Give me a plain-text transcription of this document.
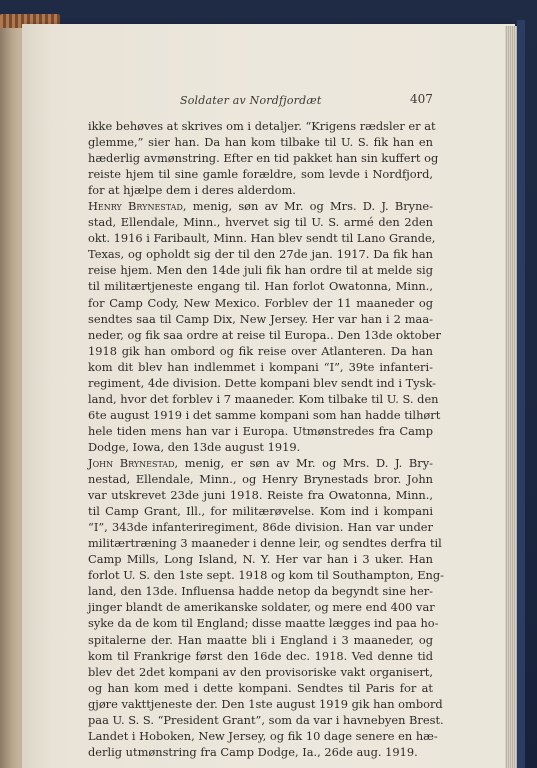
Soldater av Nordfjordæt	407
ikke behøves at skrives om i detaljer. “Krigens rædsler er at
glemme,” sier han. Da han kom tilbake til U. S. fik han en
hæderlig avmønstring. Efter en tid pakket han sin kuffert og
reiste hjem til sine gamle forældre, som levde i Nordfjord,
for at hjælpe dem i deres alderdom.
Henry Brynestad, menig, søn av Mr. og Mrs. D. J. Bryne-
stad, Ellendale, Minn., hvervet sig til U. S. armé den 2den
okt. 1916 i Faribault, Minn. Han blev sendt til Lano Grande,
Texas, og opholdt sig der til den 27de jan. 1917. Da fik han
reise hjem. Men den 14de juli fik han ordre til at melde sig
til militærtjeneste engang til. Han forlot Owatonna, Minn.,
for Camp Cody, New Mexico. Forblev der 11 maaneder og
sendtes saa til Camp Dix, New Jersey. Her var han i 2 maa-
neder, og fik saa ordre at reise til Europa.. Den 13de oktober
1918 gik han ombord og fik reise over Atlanteren. Da han
kom dit blev han indlemmet i kompani “I”, 39te infanteri-
regiment, 4de division. Dette kompani blev sendt ind i Tysk-
land, hvor det forblev i 7 maaneder. Kom tilbake til U. S. den
6te august 1919 i det samme kompani som han hadde tilhørt
hele tiden mens han var i Europa. Utmønstredes fra Camp
Dodge, Iowa, den 13de august 1919.
John Brynestad, menig, er søn av Mr. og Mrs. D. J. Bry-
nestad, Ellendale, Minn., og Henry Brynestads bror. John
var utskrevet 23de juni 1918. Reiste fra Owatonna, Minn.,
til Camp Grant, Ill., for militærøvelse. Kom ind i kompani
“I”, 343de infanteriregiment, 86de division. Han var under
militærtræning 3 maaneder i denne leir, og sendtes derfra til
Camp Mills, Long Island, N. Y. Her var han i 3 uker. Han
forlot U. S. den 1ste sept. 1918 og kom til Southampton, Eng-
land, den 13de. Influensa hadde netop da begyndt sine her-
jinger blandt de amerikanske soldater, og mere end 400 var
syke da de kom til England; disse maatte lægges ind paa ho-
spitalerne der. Han maatte bli i England i 3 maaneder, og
kom til Frankrige først den 16de dec. 1918. Ved denne tid
blev det 2det kompani av den provisoriske vakt organisert,
og han kom med i dette kompani. Sendtes til Paris for at
gjøre vakttjeneste der. Den 1ste august 1919 gik han ombord
paa U. S. S. “President Grant”, som da var i havnebyen Brest.
Landet i Hoboken, New Jersey, og fik 10 dage senere en hæ-
derlig utmønstring fra Camp Dodge, Ia., 26de aug. 1919.
